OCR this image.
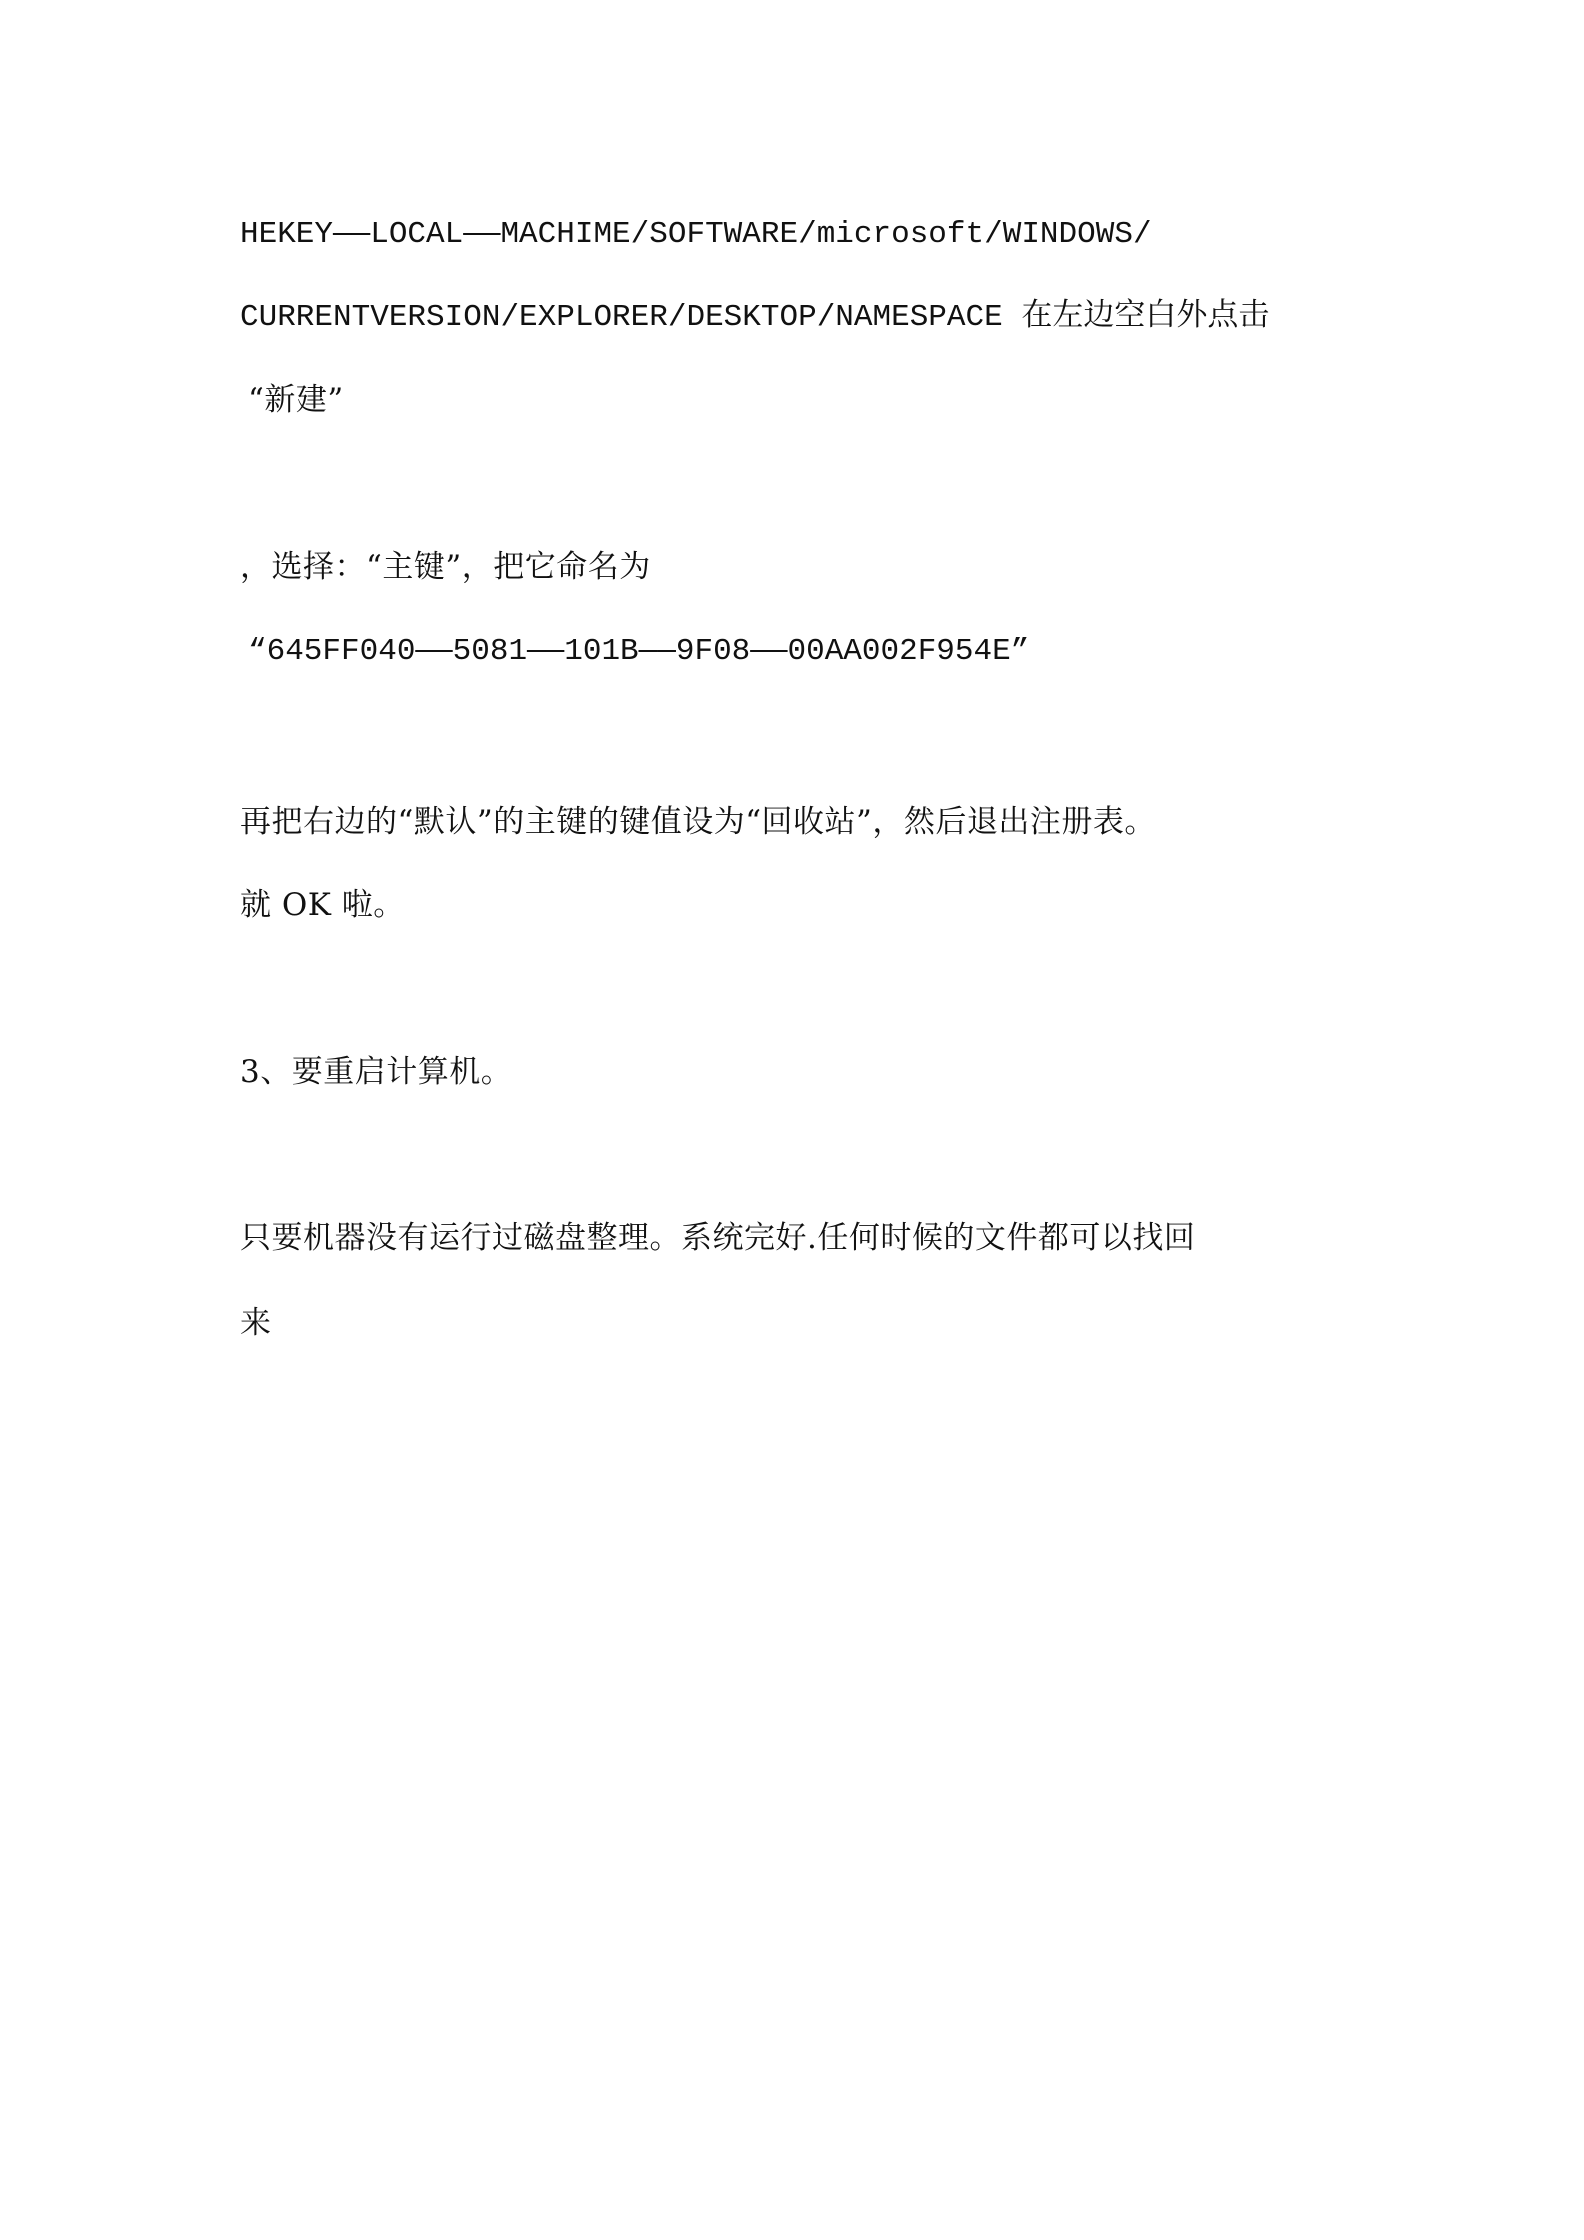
HEKEY——LOCAL——MACHIME/SOFTWARE/microsoft/WINDOWS/
CURRENTVERSION/EXPLORER/DESKTOP/NAMESPACE 在左边空白外点击
“新建”
，选择：“主键”，把它命名为
“645FF040——5081——101B——9F08——00AA002F954E”
再把右边的“默认”的主键的键值设为“回收站”，然后退出注册表。
就 OK 啦。
3、要重启计算机。
只要机器没有运行过磁盘整理。系统完好.任何时候的文件都可以找回
来
